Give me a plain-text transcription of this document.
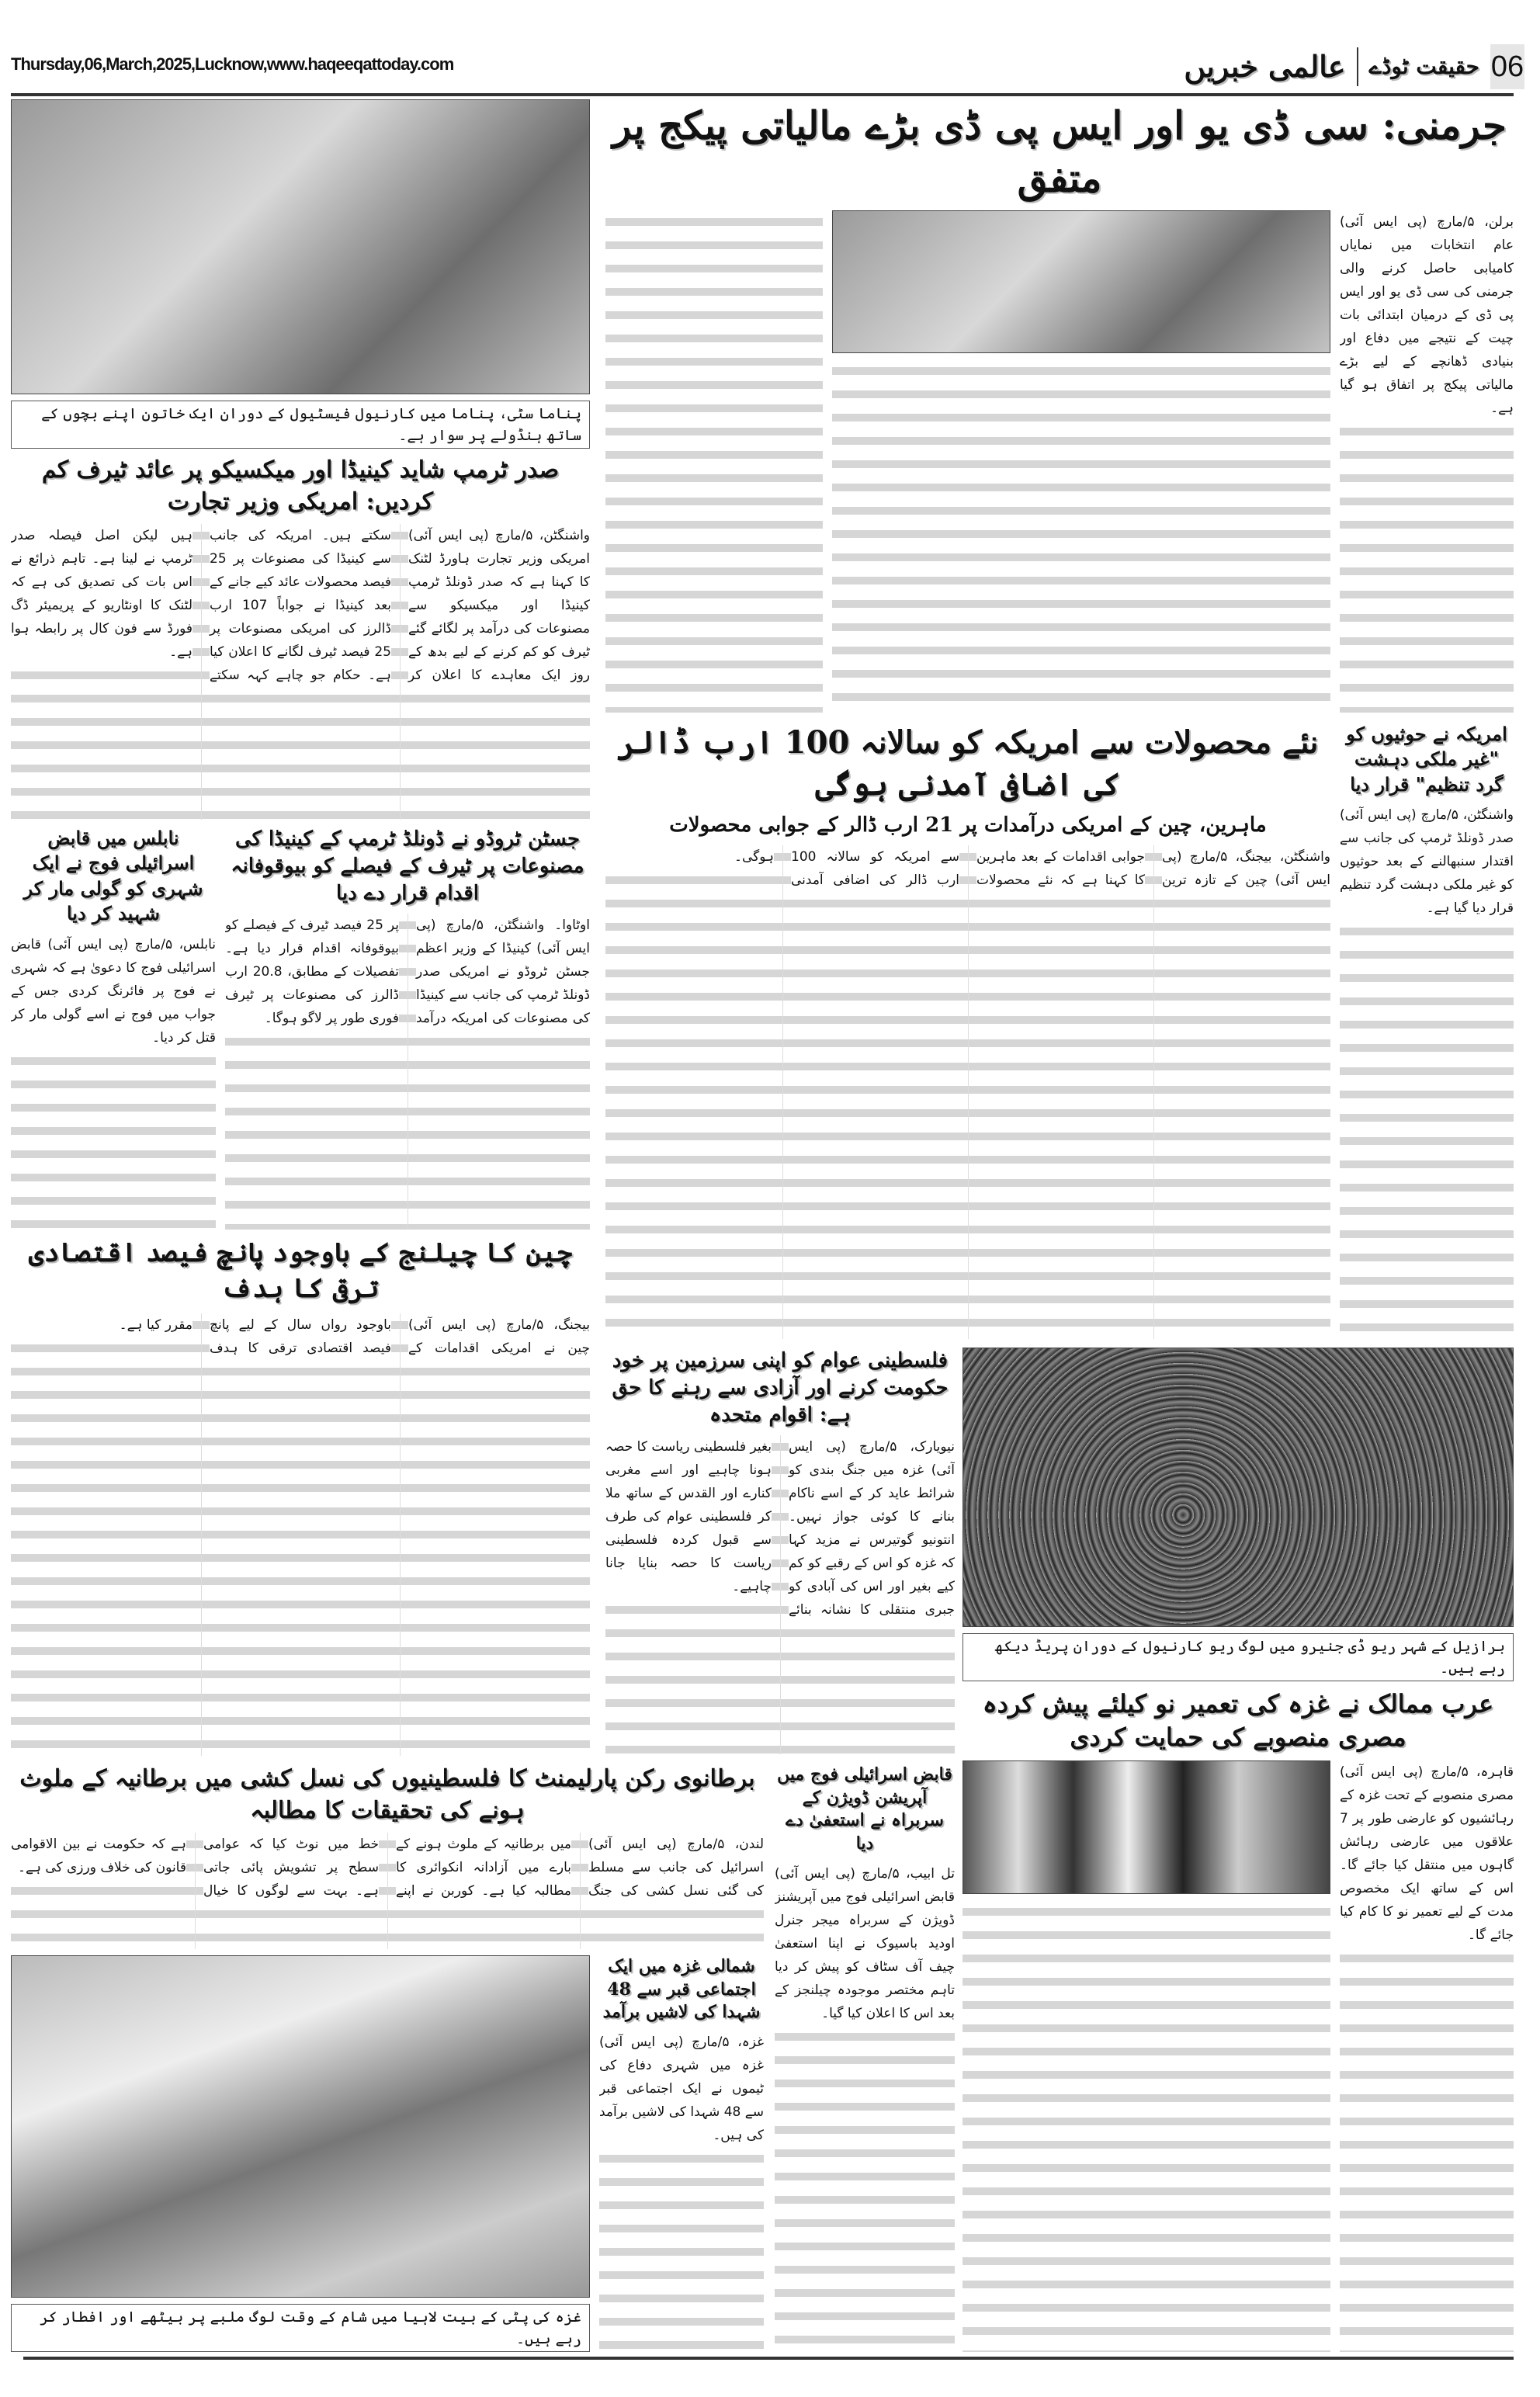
Thursday,06,March,2025,Lucknow,www.haqeeqattoday.com	06
حقیقت ٹوڈے
عالمی خبریں
پناما سٹی، پناما میں کارنیول فیسٹیول کے دوران ایک خاتون اپنے بچوں کے ساتھ ہنڈولے پر سوار ہے۔
صدر ٹرمپ شاید کینیڈا اور میکسیکو پر عائد ٹیرف کم کردیں: امریکی وزیر تجارت

واشنگٹن، ۵/مارچ (پی ایس آئی) امریکی وزیر تجارت ہاورڈ لٹنک کا کہنا ہے کہ صدر ڈونلڈ ٹرمپ کینیڈا اور میکسیکو سے مصنوعات کی درآمد پر لگائے گئے ٹیرف کو کم کرنے کے لیے بدھ کے روز ایک معاہدے کا اعلان کر سکتے ہیں۔ امریکہ کی جانب سے کینیڈا کی مصنوعات پر 25 فیصد محصولات عائد کیے جانے کے بعد کینیڈا نے جواباً 107 ارب ڈالرز کی امریکی مصنوعات پر 25 فیصد ٹیرف لگانے کا اعلان کیا ہے۔ حکام جو چاہے کہہ سکتے ہیں لیکن اصل فیصلہ صدر ٹرمپ نے لینا ہے۔ تاہم ذرائع نے اس بات کی تصدیق کی ہے کہ لٹنک کا اونٹاریو کے پریمیئر ڈگ فورڈ سے فون کال پر رابطہ ہوا ہے۔

جسٹن ٹروڈو نے ڈونلڈ ٹرمپ کے کینیڈا کی مصنوعات پر ٹیرف کے فیصلے کو بیوقوفانہ اقدام قرار دے دیا

اوٹاوا۔ واشنگٹن، ۵/مارچ (پی ایس آئی) کینیڈا کے وزیر اعظم جسٹن ٹروڈو نے امریکی صدر ڈونلڈ ٹرمپ کی جانب سے کینیڈا کی مصنوعات کی امریکہ درآمد پر 25 فیصد ٹیرف کے فیصلے کو بیوقوفانہ اقدام قرار دیا ہے۔ تفصیلات کے مطابق، 20.8 ارب ڈالرز کی مصنوعات پر ٹیرف فوری طور پر لاگو ہوگا۔

نابلس میں قابض اسرائیلی فوج نے ایک شہری کو گولی مار کر شہید کر دیا

نابلس، ۵/مارچ (پی ایس آئی) قابض اسرائیلی فوج کا دعویٰ ہے کہ شہری نے فوج پر فائرنگ کردی جس کے جواب میں فوج نے اسے گولی مار کر قتل کر دیا۔

چین کا چیلنج کے باوجود پانچ فیصد اقتصادی ترقی کا ہدف

بیجنگ، ۵/مارچ (پی ایس آئی) چین نے امریکی اقدامات کے باوجود رواں سال کے لیے پانچ فیصد اقتصادی ترقی کا ہدف مقرر کیا ہے۔

جرمنی: سی ڈی یو اور ایس پی ڈی بڑے مالیاتی پیکج پر متفق

برلن، ۵/مارچ (پی ایس آئی) عام انتخابات میں نمایاں کامیابی حاصل کرنے والی جرمنی کی سی ڈی یو اور ایس پی ڈی کے درمیان ابتدائی بات چیت کے نتیجے میں دفاع اور بنیادی ڈھانچے کے لیے بڑے مالیاتی پیکج پر اتفاق ہو گیا ہے۔

امریکہ نے حوثیوں کو "غیر ملکی دہشت گرد تنظیم" قرار دیا

واشنگٹن، ۵/مارچ (پی ایس آئی) صدر ڈونلڈ ٹرمپ کی جانب سے اقتدار سنبھالنے کے بعد حوثیوں کو غیر ملکی دہشت گرد تنظیم قرار دیا گیا ہے۔

نئے محصولات سے امریکہ کو سالانہ 100 ارب ڈالر کی اضافی آمدنی ہوگی
ماہرین، چین کے امریکی درآمدات پر 21 ارب ڈالر کے جوابی محصولات

واشنگٹن، بیجنگ، ۵/مارچ (پی ایس آئی) چین کے تازہ ترین جوابی اقدامات کے بعد ماہرین کا کہنا ہے کہ نئے محصولات سے امریکہ کو سالانہ 100 ارب ڈالر کی اضافی آمدنی ہوگی۔

فلسطینی عوام کو اپنی سرزمین پر خود حکومت کرنے اور آزادی سے رہنے کا حق ہے: اقوام متحدہ

نیویارک، ۵/مارچ (پی ایس آئی) غزہ میں جنگ بندی کو شرائط عاید کر کے اسے ناکام بنانے کا کوئی جواز نہیں۔ انتونیو گوتیرس نے مزید کہا کہ غزہ کو اس کے رقبے کو کم کیے بغیر اور اس کی آبادی کو جبری منتقلی کا نشانہ بنائے بغیر فلسطینی ریاست کا حصہ ہونا چاہیے اور اسے مغربی کنارے اور القدس کے ساتھ ملا کر فلسطینی عوام کی طرف سے قبول کردہ فلسطینی ریاست کا حصہ بنایا جانا چاہیے۔

برازیل کے شہر ریو ڈی جنیرو میں لوگ ریو کارنیول کے دوران پریڈ دیکھ رہے ہیں۔
عرب ممالک نے غزہ کی تعمیر نو کیلئے پیش کردہ مصری منصوبے کی حمایت کردی

قاہرہ، ۵/مارچ (پی ایس آئی) مصری منصوبے کے تحت غزہ کے رہائشیوں کو عارضی طور پر 7 علاقوں میں عارضی رہائش گاہوں میں منتقل کیا جائے گا۔ اس کے ساتھ ایک مخصوص مدت کے لیے تعمیر نو کا کام کیا جائے گا۔

قابض اسرائیلی فوج میں آپریشن ڈویژن کے سربراہ نے استعفیٰ دے دیا

تل ابیب، ۵/مارچ (پی ایس آئی) قابض اسرائیلی فوج میں آپریشنز ڈویژن کے سربراہ میجر جنرل اودید باسیوک نے اپنا استعفیٰ چیف آف سٹاف کو پیش کر دیا تاہم مختصر موجودہ چیلنجز کے بعد اس کا اعلان کیا گیا۔

برطانوی رکن پارلیمنٹ کا فلسطینیوں کی نسل کشی میں برطانیہ کے ملوث ہونے کی تحقیقات کا مطالبہ

لندن، ۵/مارچ (پی ایس آئی) اسرائیل کی جانب سے مسلط کی گئی نسل کشی کی جنگ میں برطانیہ کے ملوث ہونے کے بارے میں آزادانہ انکوائری کا مطالبہ کیا ہے۔ کوربن نے اپنے خط میں نوٹ کیا کہ عوامی سطح پر تشویش پائی جاتی ہے۔ بہت سے لوگوں کا خیال ہے کہ حکومت نے بین الاقوامی قانون کی خلاف ورزی کی ہے۔

شمالی غزہ میں ایک اجتماعی قبر سے 48 شہدا کی لاشیں برآمد

غزہ، ۵/مارچ (پی ایس آئی) غزہ میں شہری دفاع کی ٹیموں نے ایک اجتماعی قبر سے 48 شہدا کی لاشیں برآمد کی ہیں۔

غزہ کی پٹی کے بیت لاہیا میں شام کے وقت لوگ ملبے پر بیٹھے اور افطار کر رہے ہیں۔
